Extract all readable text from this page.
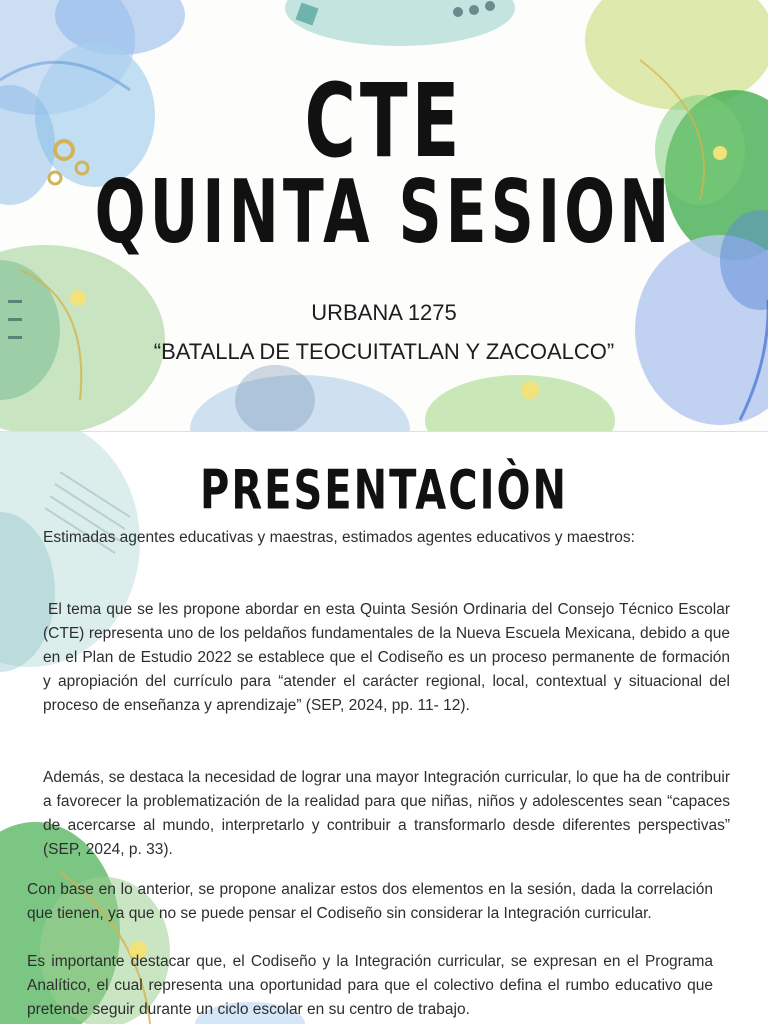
CTE
QUINTA SESION
URBANA 1275
“BATALLA DE TEOCUITATLAN Y ZACOALCO”
PRESENTACIÒN

Estimadas agentes educativas y maestras, estimados agentes educativos y maestros:

El tema que se les propone abordar en esta Quinta Sesión Ordinaria del Consejo Técnico Escolar (CTE) representa uno de los peldaños fundamentales de la Nueva Escuela Mexicana, debido a que en el Plan de Estudio 2022 se establece que el Codiseño es un proceso permanente de formación y apropiación del currículo para “atender el carácter regional, local, contextual y situacional del proceso de enseñanza y aprendizaje” (SEP, 2024, pp. 11- 12).

Además, se destaca la necesidad de lograr una mayor Integración curricular, lo que ha de contribuir a favorecer la problematización de la realidad para que niñas, niños y adolescentes sean “capaces de acercarse al mundo, interpretarlo y contribuir a transformarlo desde diferentes perspectivas” (SEP, 2024, p. 33).

Con base en lo anterior, se propone analizar estos dos elementos en la sesión, dada la correlación que tienen, ya que no se puede pensar el Codiseño sin considerar la Integración curricular.

Es importante destacar que, el Codiseño y la Integración curricular, se expresan en el Programa Analítico, el cual representa una oportunidad para que el colectivo defina el rumbo educativo que pretende seguir durante un ciclo escolar en su centro de trabajo.
